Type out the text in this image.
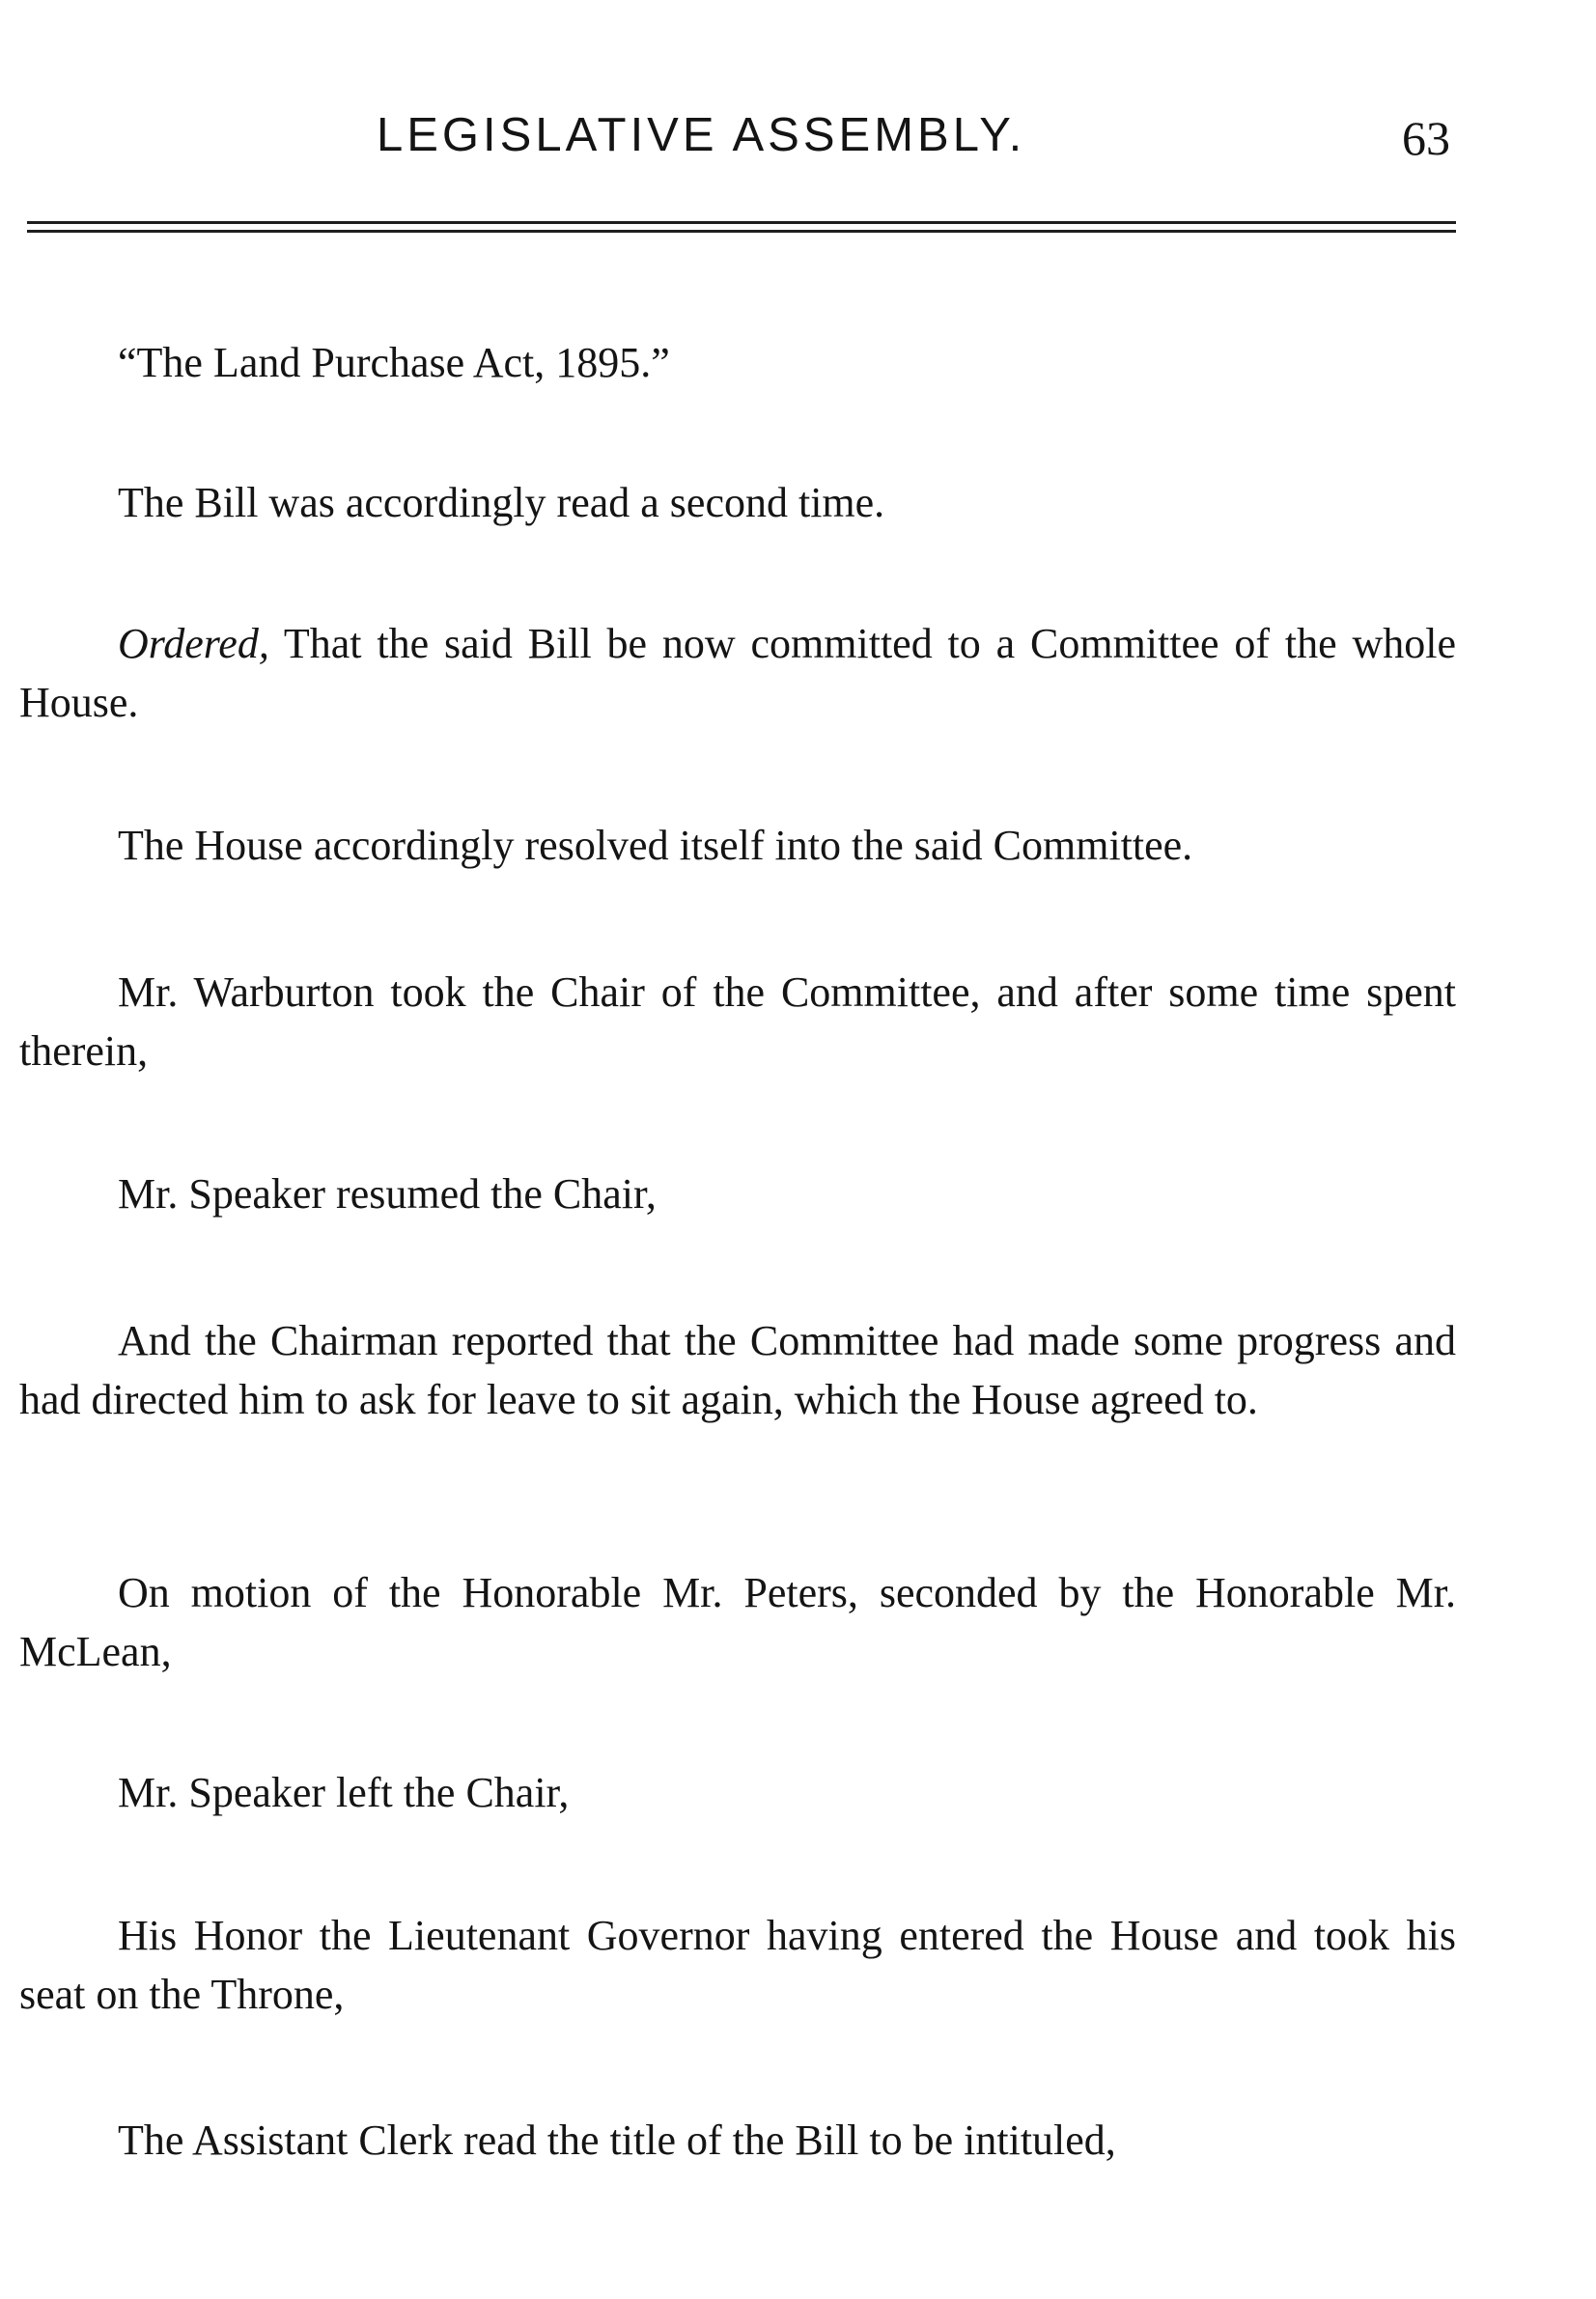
LEGISLATIVE ASSEMBLY.	63

“The Land Purchase Act, 1895.”

The Bill was accordingly read a second time.

Ordered, That the said Bill be now committed to a Committee of the whole House.

The House accordingly resolved itself into the said Committee.

Mr. Warburton took the Chair of the Committee, and after some time spent therein,

Mr. Speaker resumed the Chair,

And the Chairman reported that the Committee had made some progress and had directed him to ask for leave to sit again, which the House agreed to.

On motion of the Honorable Mr. Peters, seconded by the Honorable Mr. McLean,

Mr. Speaker left the Chair,

His Honor the Lieutenant Governor having entered the House and took his seat on the Throne,

The Assistant Clerk read the title of the Bill to be intituled,
